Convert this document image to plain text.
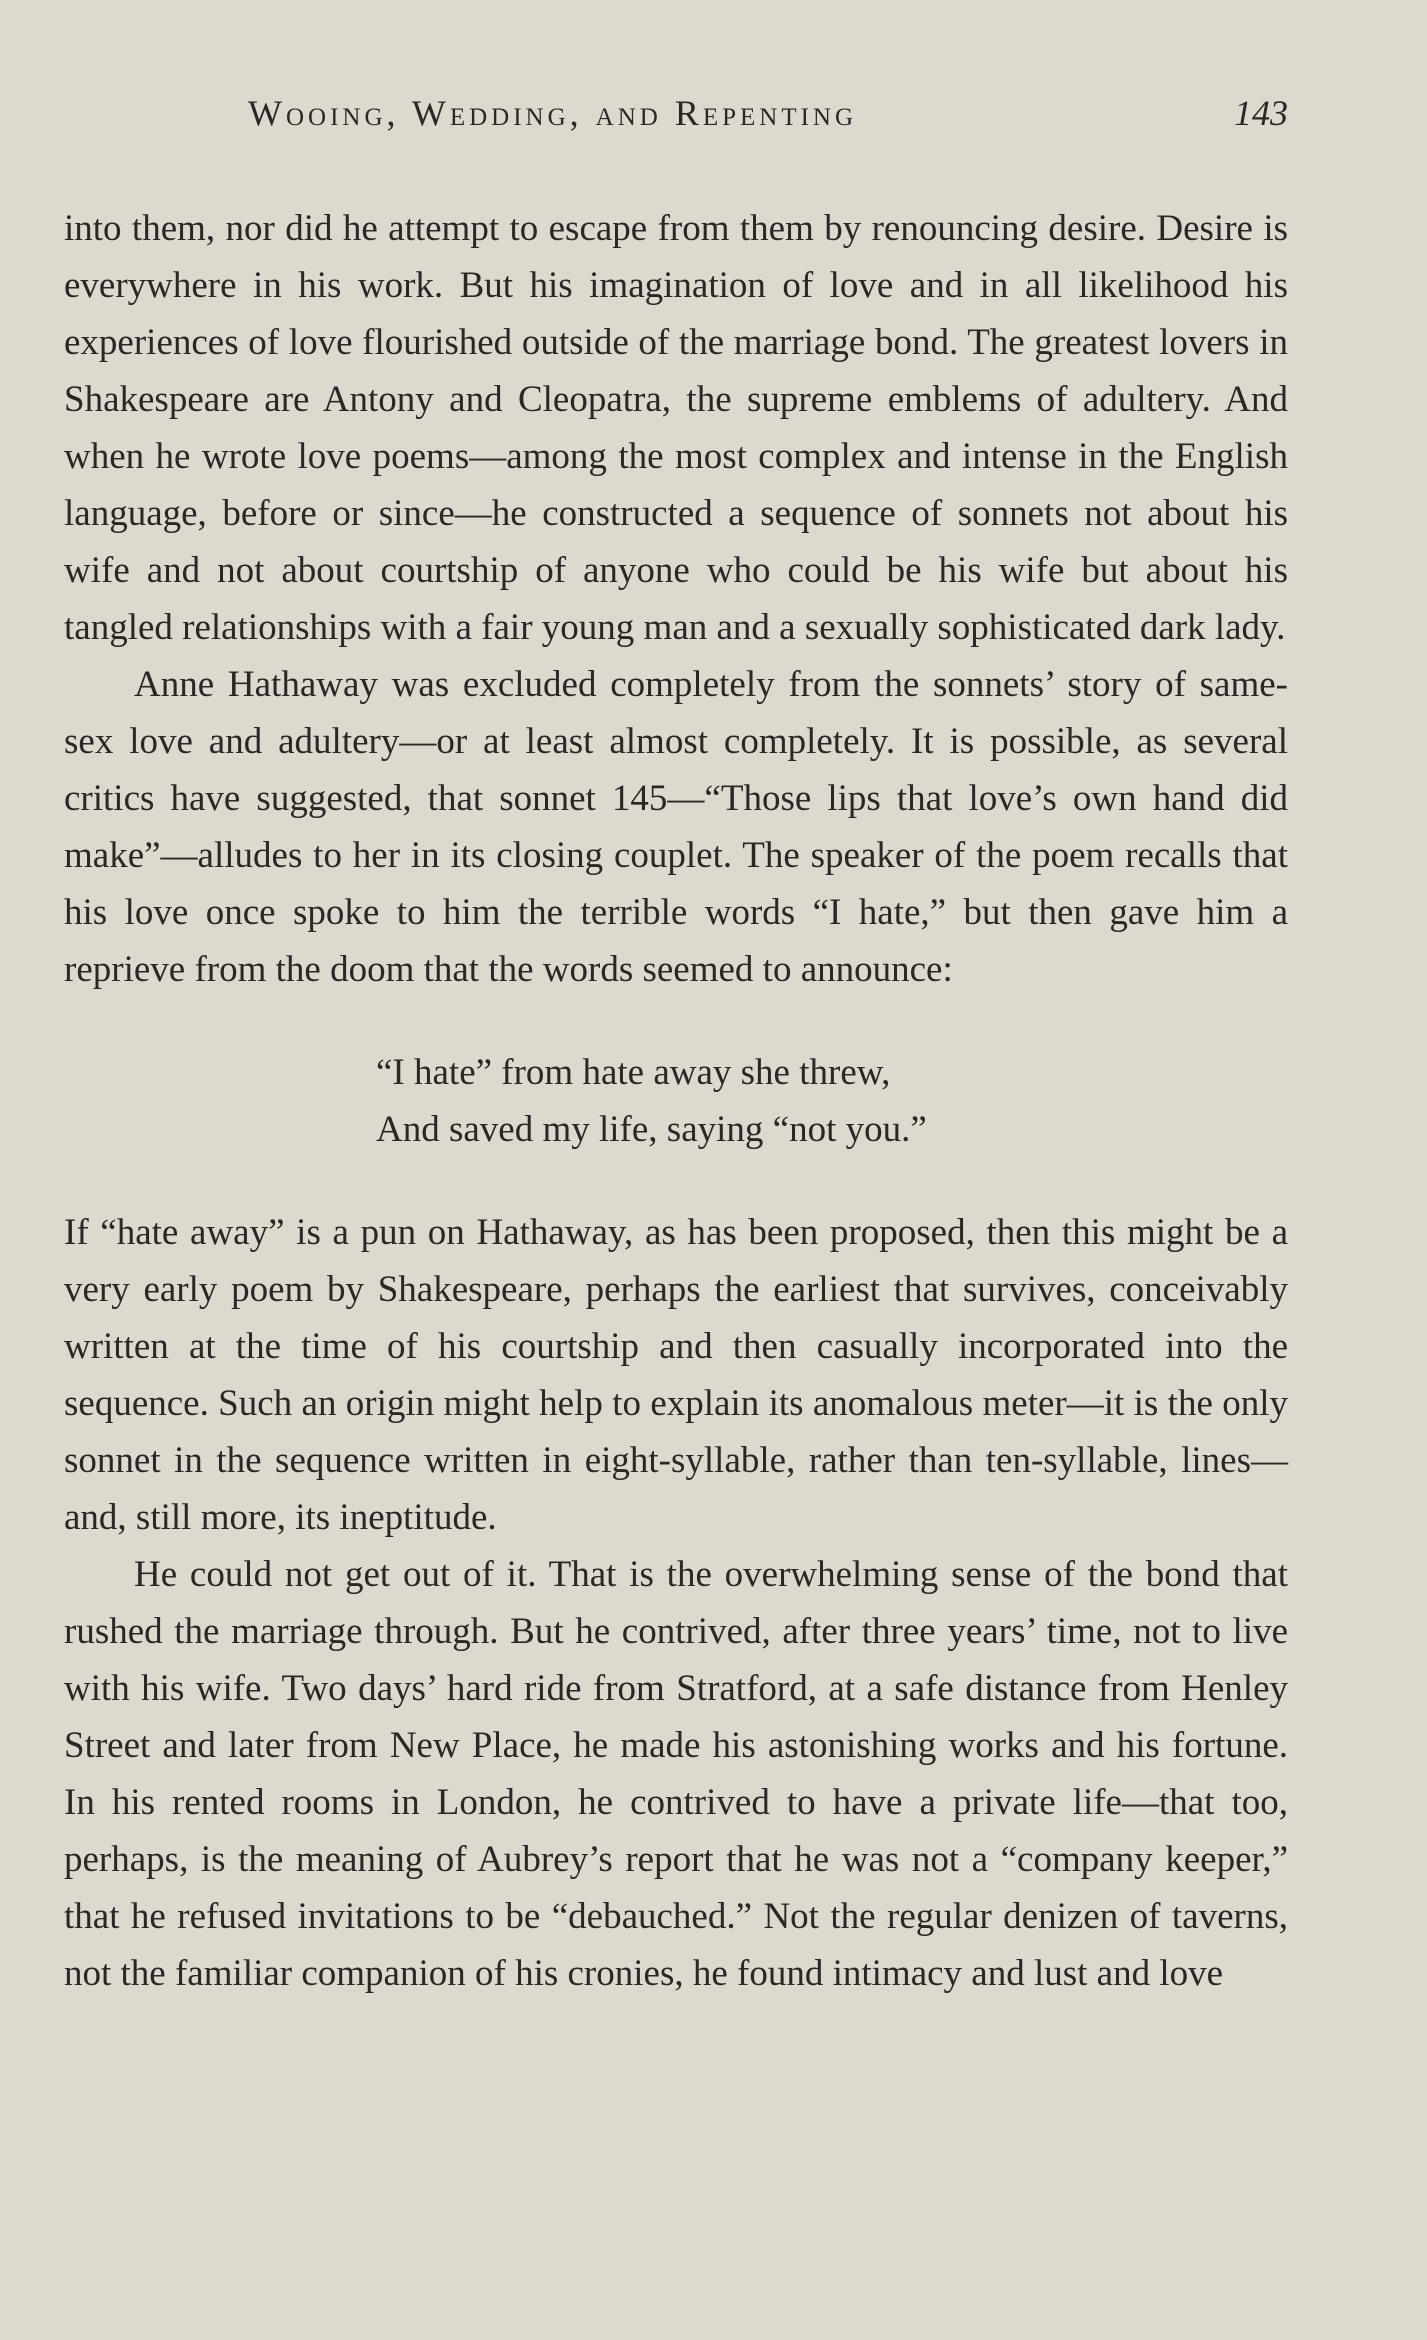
Wooing, Wedding, and Repenting	143

into them, nor did he attempt to escape from them by renouncing desire. Desire is everywhere in his work. But his imagination of love and in all likelihood his experiences of love flourished outside of the marriage bond. The greatest lovers in Shakespeare are Antony and Cleopatra, the supreme emblems of adultery. And when he wrote love poems—among the most complex and intense in the English language, before or since—he constructed a sequence of sonnets not about his wife and not about courtship of anyone who could be his wife but about his tangled relationships with a fair young man and a sexually sophisticated dark lady.

Anne Hathaway was excluded completely from the sonnets’ story of same-sex love and adultery—or at least almost completely. It is possible, as several critics have suggested, that sonnet 145—“Those lips that love’s own hand did make”—alludes to her in its closing couplet. The speaker of the poem recalls that his love once spoke to him the terrible words “I hate,” but then gave him a reprieve from the doom that the words seemed to announce:

“I hate” from hate away she threw,
And saved my life, saying “not you.”

If “hate away” is a pun on Hathaway, as has been proposed, then this might be a very early poem by Shakespeare, perhaps the earliest that survives, conceivably written at the time of his courtship and then casually incorporated into the sequence. Such an origin might help to explain its anomalous meter—it is the only sonnet in the sequence written in eight-syllable, rather than ten-syllable, lines—and, still more, its ineptitude.

He could not get out of it. That is the overwhelming sense of the bond that rushed the marriage through. But he contrived, after three years’ time, not to live with his wife. Two days’ hard ride from Stratford, at a safe distance from Henley Street and later from New Place, he made his astonishing works and his fortune. In his rented rooms in London, he contrived to have a private life—that too, perhaps, is the meaning of Aubrey’s report that he was not a “company keeper,” that he refused invitations to be “debauched.” Not the regular denizen of taverns, not the familiar companion of his cronies, he found intimacy and lust and love
